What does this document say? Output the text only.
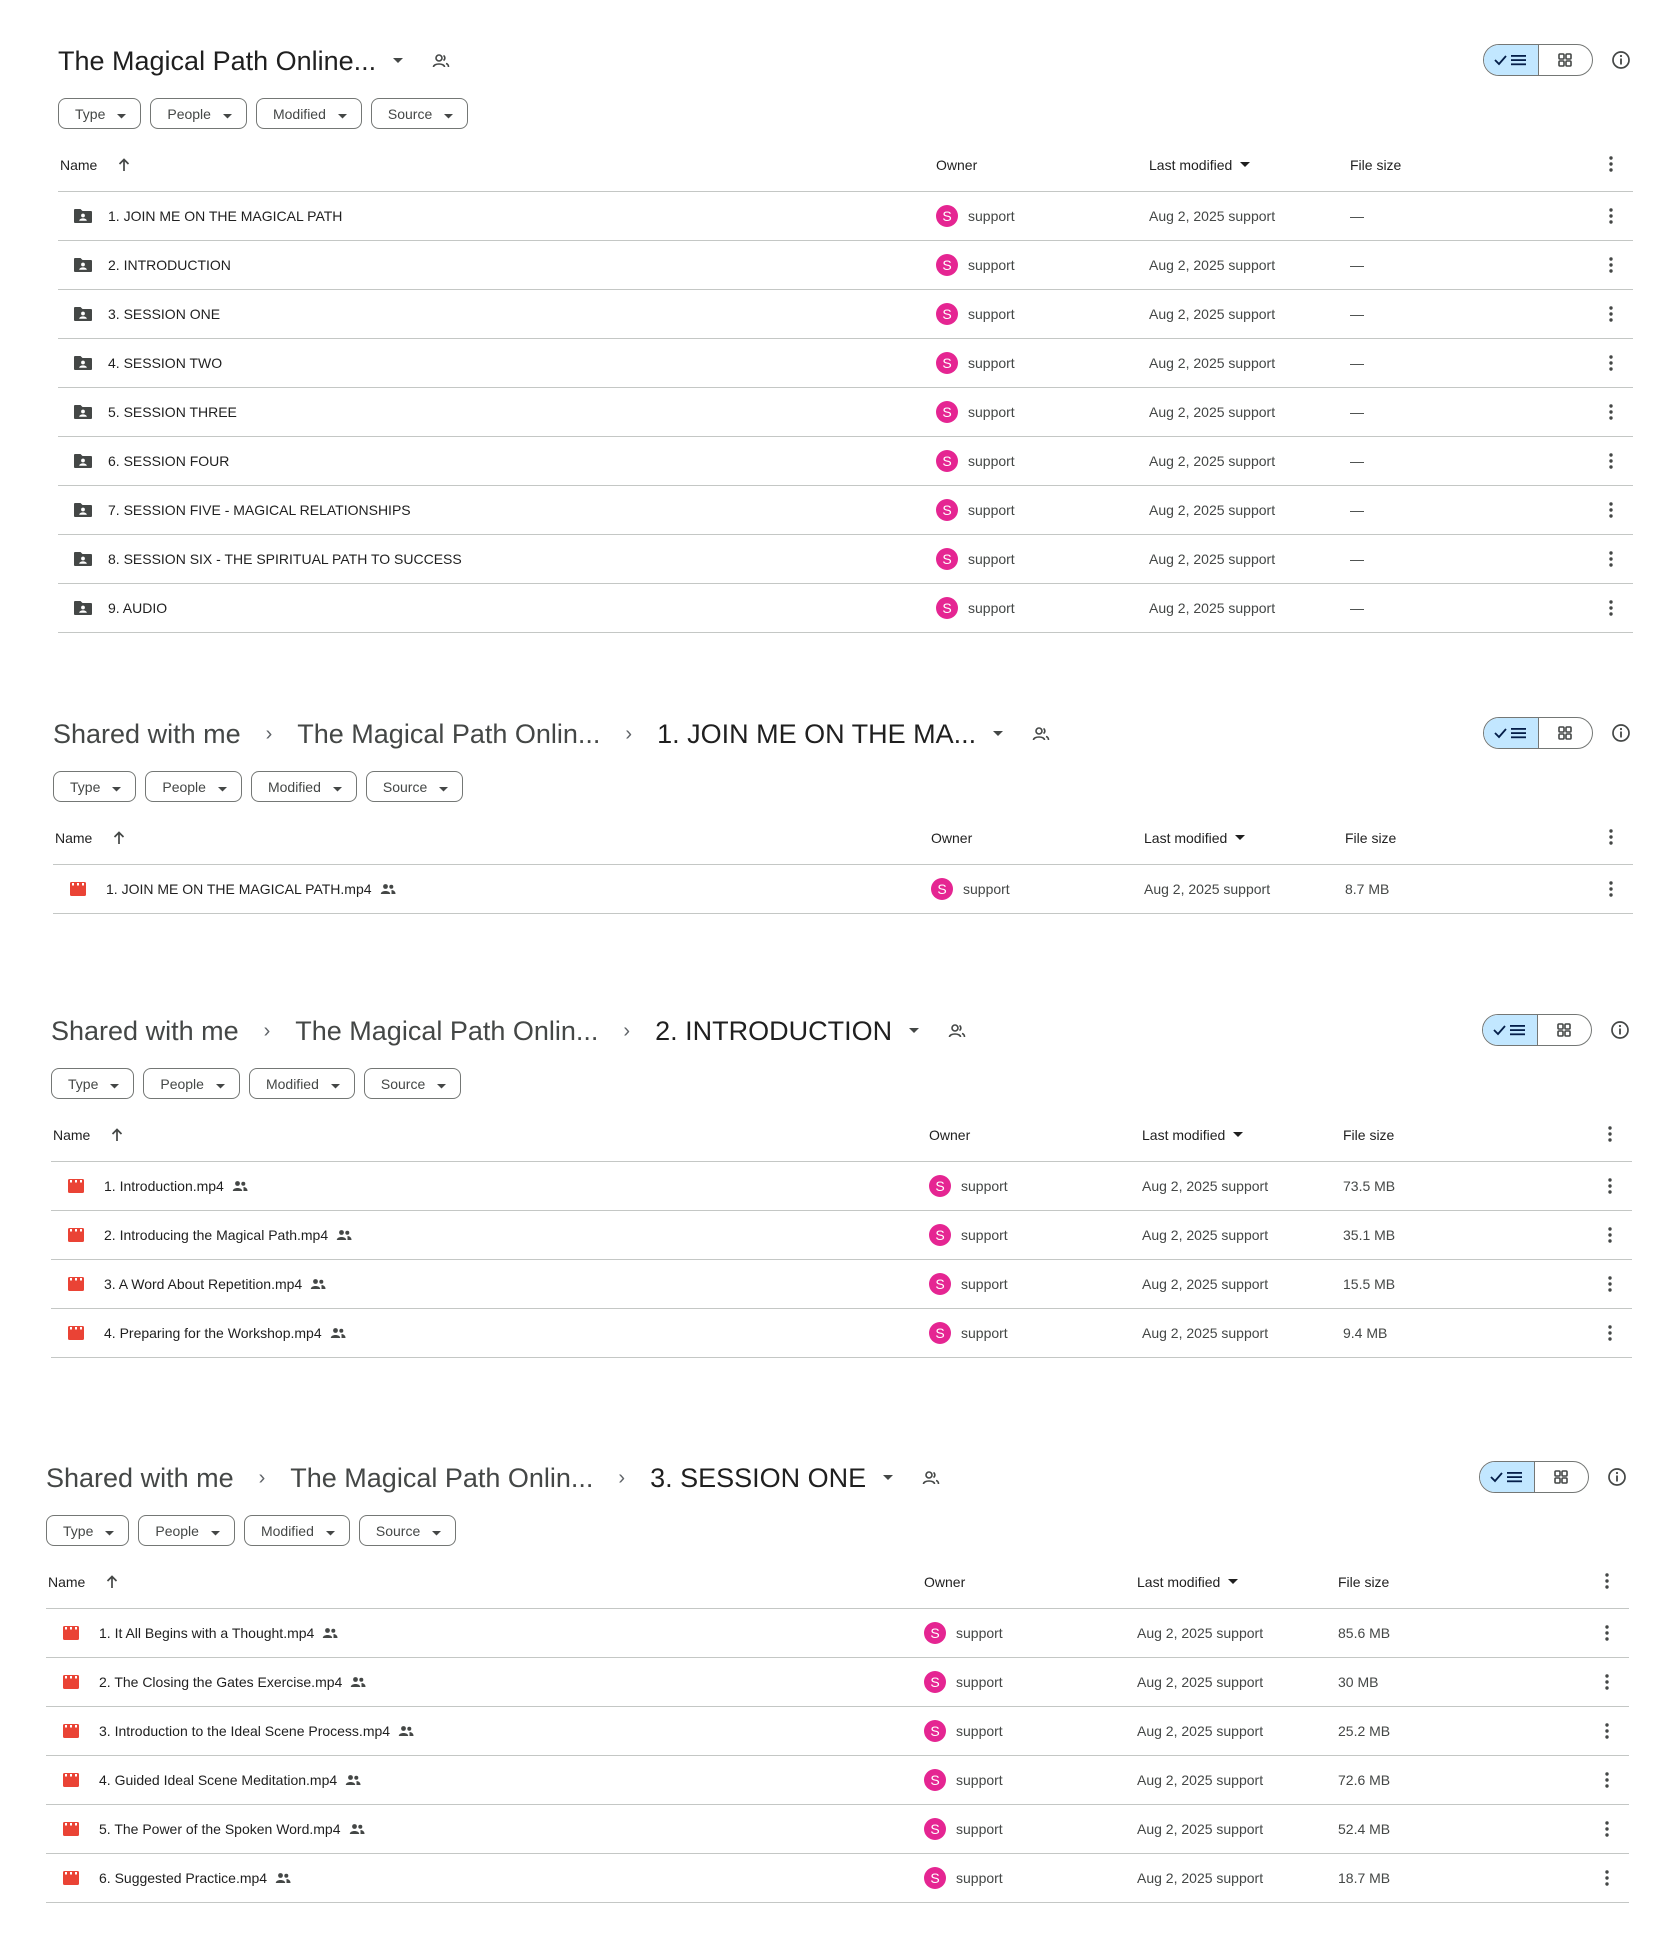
The Magical Path Online...
Type	People	Modified	Source
Name	Owner	Last modified	File size
1. JOIN ME ON THE MAGICAL PATH	S	support	Aug 2, 2025 support	—
2. INTRODUCTION	S	support	Aug 2, 2025 support	—
3. SESSION ONE	S	support	Aug 2, 2025 support	—
4. SESSION TWO	S	support	Aug 2, 2025 support	—
5. SESSION THREE	S	support	Aug 2, 2025 support	—
6. SESSION FOUR	S	support	Aug 2, 2025 support	—
7. SESSION FIVE - MAGICAL RELATIONSHIPS	S	support	Aug 2, 2025 support	—
8. SESSION SIX - THE SPIRITUAL PATH TO SUCCESS	S	support	Aug 2, 2025 support	—
9. AUDIO	S	support	Aug 2, 2025 support	—
Shared with me › The Magical Path Onlin... › 1. JOIN ME ON THE MA...
Type	People	Modified	Source
Name	Owner	Last modified	File size
1. JOIN ME ON THE MAGICAL PATH.mp4	S	support	Aug 2, 2025 support	8.7 MB
Shared with me › The Magical Path Onlin... › 2. INTRODUCTION
Type	People	Modified	Source
Name	Owner	Last modified	File size
1. Introduction.mp4	S	support	Aug 2, 2025 support	73.5 MB
2. Introducing the Magical Path.mp4	S	support	Aug 2, 2025 support	35.1 MB
3. A Word About Repetition.mp4	S	support	Aug 2, 2025 support	15.5 MB
4. Preparing for the Workshop.mp4	S	support	Aug 2, 2025 support	9.4 MB
Shared with me › The Magical Path Onlin... › 3. SESSION ONE
Type	People	Modified	Source
Name	Owner	Last modified	File size
1. It All Begins with a Thought.mp4	S	support	Aug 2, 2025 support	85.6 MB
2. The Closing the Gates Exercise.mp4	S	support	Aug 2, 2025 support	30 MB
3. Introduction to the Ideal Scene Process.mp4	S	support	Aug 2, 2025 support	25.2 MB
4. Guided Ideal Scene Meditation.mp4	S	support	Aug 2, 2025 support	72.6 MB
5. The Power of the Spoken Word.mp4	S	support	Aug 2, 2025 support	52.4 MB
6. Suggested Practice.mp4	S	support	Aug 2, 2025 support	18.7 MB
